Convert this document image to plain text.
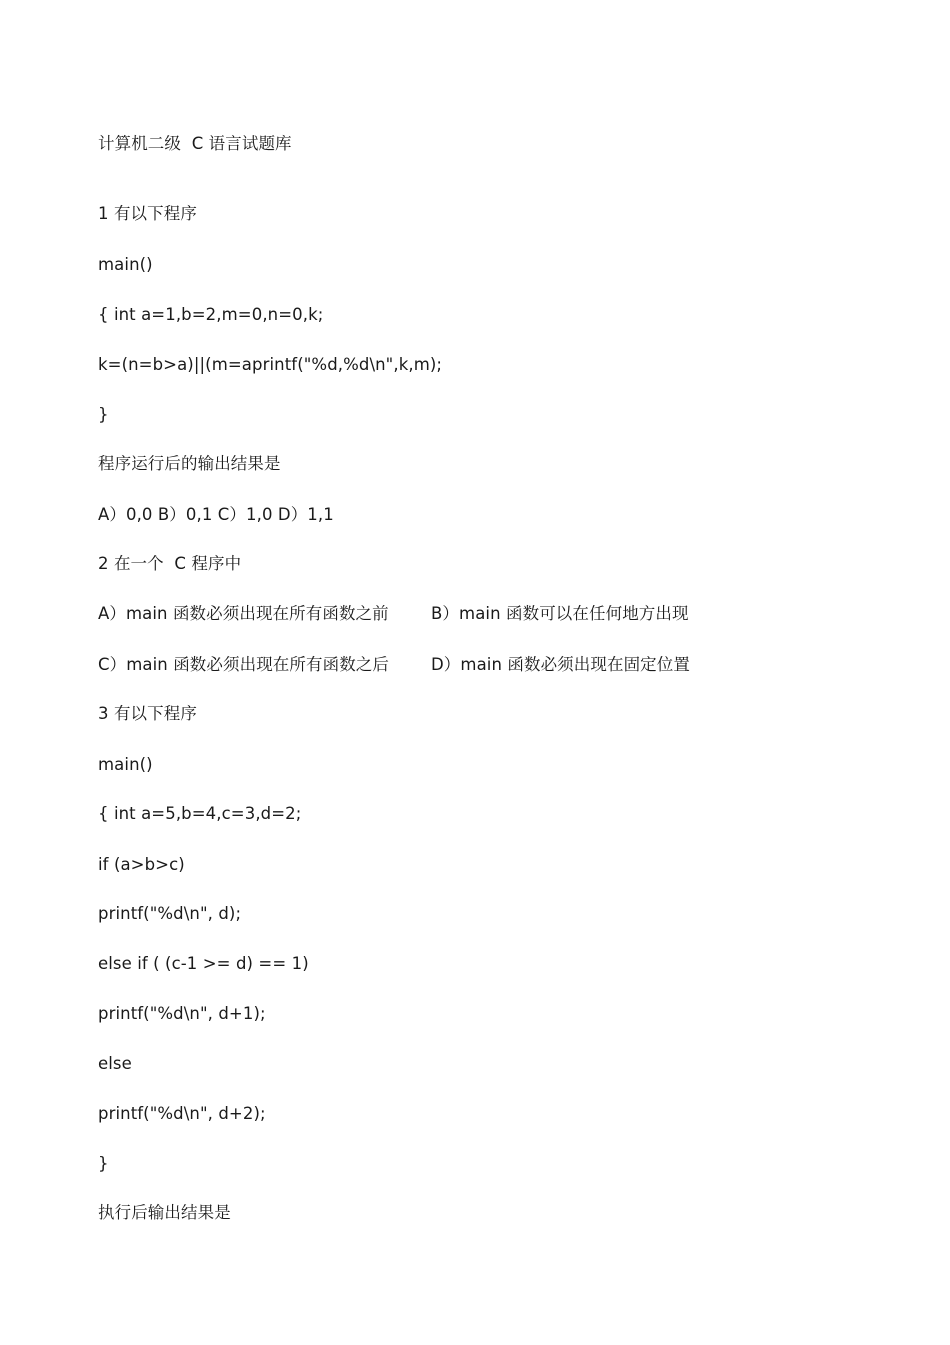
计算机二级  C 语言试题库
1 有以下程序
main()
{ int a=1,b=2,m=0,n=0,k;
k=(n=b>a)||(m=aprintf("%d,%d\n",k,m);
}
程序运行后的输出结果是
A）0,0 B）0,1 C）1,0 D）1,1
2 在一个  C 程序中
A）main 函数必须出现在所有函数之前	B）main 函数可以在任何地方出现
C）main 函数必须出现在所有函数之后	D）main 函数必须出现在固定位置
3 有以下程序
main()
{ int a=5,b=4,c=3,d=2;
if (a>b>c)
printf("%d\n", d);
else if ( (c-1 >= d) == 1)
printf("%d\n", d+1);
else
printf("%d\n", d+2);
}
执行后输出结果是
